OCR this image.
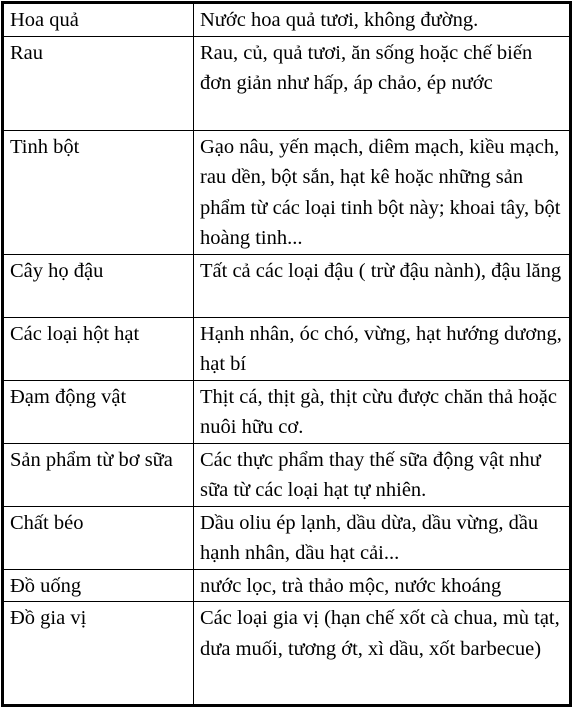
Hoa quả	Nước hoa quả tươi, không đường.
Rau	Rau, củ, quả tươi, ăn sống hoặc chế biến đơn giản như hấp, áp chảo, ép nước
Tinh bột	Gạo nâu, yến mạch, diêm mạch, kiều mạch, rau dền, bột sắn, hạt kê hoặc những sản phẩm từ các loại tinh bột này; khoai tây, bột hoàng tinh...
Cây họ đậu	Tất cả các loại đậu ( trừ đậu nành), đậu lăng
Các loại hột hạt	Hạnh nhân, óc chó, vừng, hạt hướng dương, hạt bí
Đạm động vật	Thịt cá, thịt gà, thịt cừu được chăn thả hoặc nuôi hữu cơ.
Sản phẩm từ bơ sữa	Các thực phẩm thay thế sữa động vật như sữa từ các loại hạt tự nhiên.
Chất béo	Dầu oliu ép lạnh, dầu dừa, dầu vừng, dầu hạnh nhân, dầu hạt cải...
Đồ uống	nước lọc, trà thảo mộc, nước khoáng
Đồ gia vị	Các loại gia vị (hạn chế xốt cà chua, mù tạt, dưa muối, tương ớt, xì dầu, xốt barbecue)
